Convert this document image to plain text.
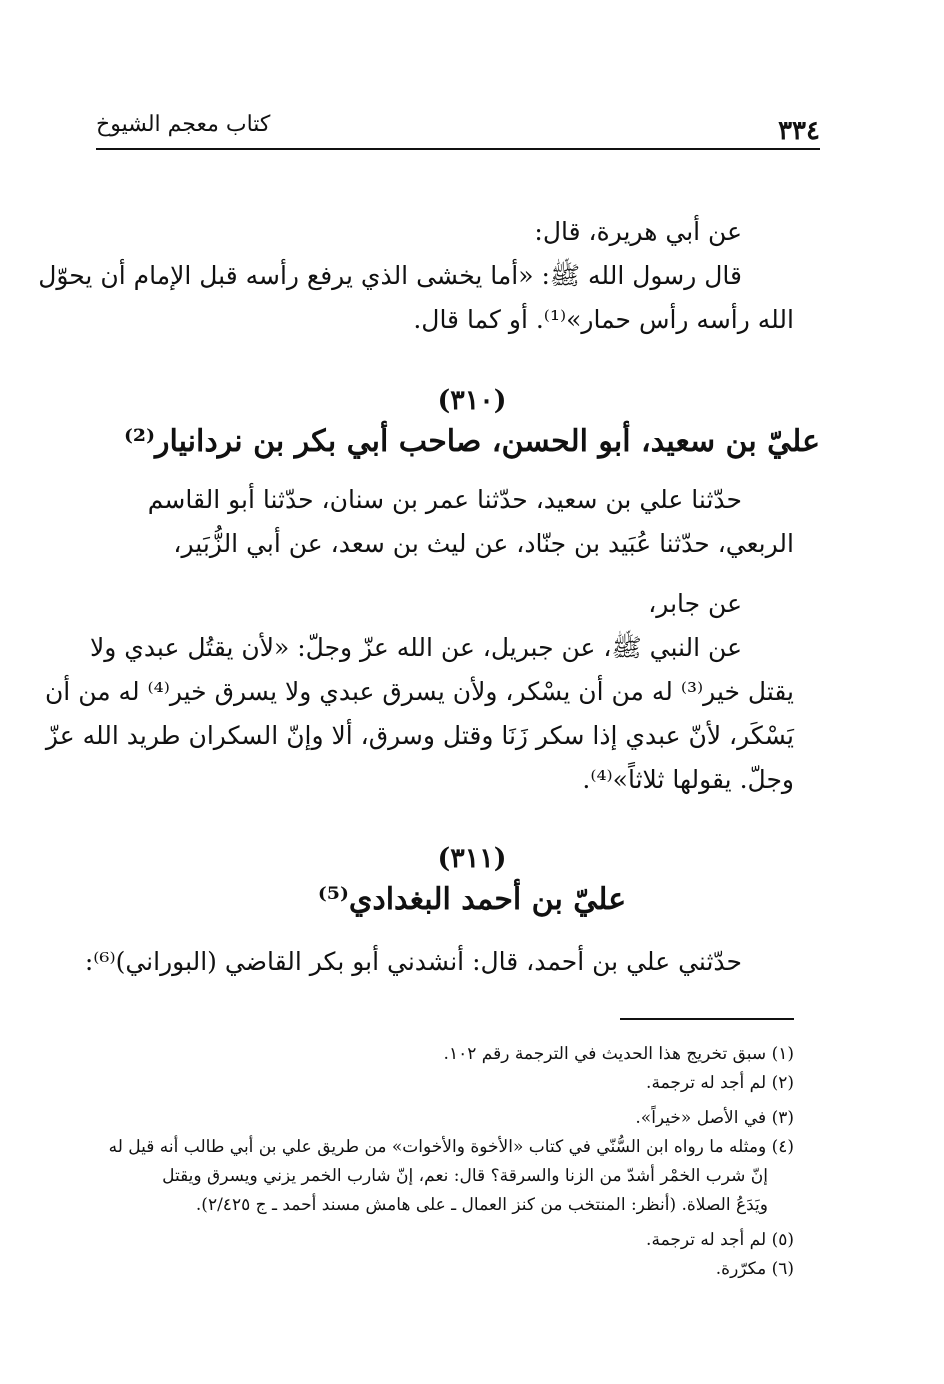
كتاب معجم الشيوخ	٣٣٤
عن أبي هريرة، قال:
قال رسول الله ﷺ: «أما يخشى الذي يرفع رأسه قبل الإمام أن يحوّل
الله رأسه رأس حمار»⁽¹⁾. أو كما قال.
(٣١٠)
عليّ بن سعيد، أبو الحسن، صاحب أبي بكر بن نردانيار⁽²⁾
حدّثنا علي بن سعيد، حدّثنا عمر بن سنان، حدّثنا أبو القاسم
الربعي، حدّثنا عُبَيد بن جنّاد، عن ليث بن سعد، عن أبي الزُّبَير،
عن جابر،
عن النبي ﷺ، عن جبريل، عن الله عزّ وجلّ: «لأن يقتُل عبدي ولا
يقتل خير⁽³⁾ له من أن يسْكر، ولأن يسرق عبدي ولا يسرق خير⁽⁴⁾ له من أن
يَسْكَر، لأنّ عبدي إذا سكر زَنَا وقتل وسرق، ألا وإنّ السكران طريد الله عزّ
وجلّ. يقولها ثلاثاً»⁽⁴⁾.
(٣١١)
عليّ بن أحمد البغدادي⁽⁵⁾
حدّثني علي بن أحمد، قال: أنشدني أبو بكر القاضي (البوراني)⁽⁶⁾:
(١) سبق تخريج هذا الحديث في الترجمة رقم ١٠٢.
(٢) لم أجد له ترجمة.
(٣) في الأصل «خيراً».
(٤) ومثله ما رواه ابن السُّنّي في كتاب «الأخوة والأخوات» من طريق علي بن أبي طالب أنه قيل له
إنّ شرب الخمْر أشدّ من الزنا والسرقة؟ قال: نعم، إنّ شارب الخمر يزني ويسرق ويقتل
ويَدَعُ الصلاة. (أنظر: المنتخب من كنز العمال ـ على هامش مسند أحمد ـ ج ٢/٤٢٥).
(٥) لم أجد له ترجمة.
(٦) مكرّرة.
